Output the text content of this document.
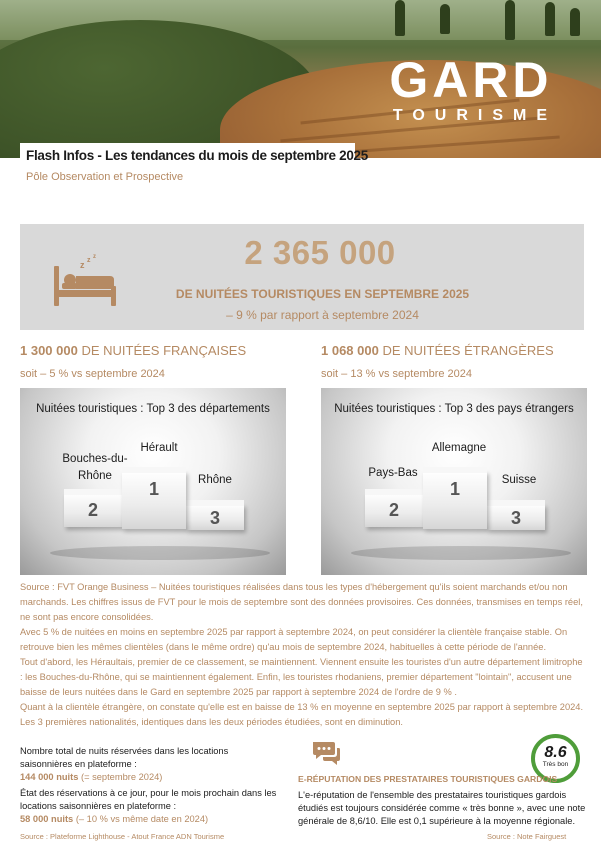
GARD
TOURISME
Flash Infos - Les tendances du mois de septembre 2025
Pôle Observation et Prospective
z z z	2 365 000
DE NUITÉES TOURISTIQUES EN SEPTEMBRE 2025
– 9 % par rapport à septembre 2024
1 300 000 DE NUITÉES FRANÇAISES
soit – 5 % vs septembre 2024
1 068 000 DE NUITÉES ÉTRANGÈRES
soit – 13 % vs septembre 2024
Nuitées touristiques : Top 3 des départements
Hérault
Bouches-du-Rhône	Rhône
2	3
1
Nuitées touristiques : Top 3 des pays étrangers
Allemagne
Pays-Bas
Suisse
2	3
1

Source : FVT Orange Business – Nuitées touristiques réalisées dans tous les types d'hébergement qu'ils soient marchands et/ou non marchands. Les chiffres issus de FVT pour le mois de septembre sont des données provisoires. Ces données, transmises en temps réel, ne sont pas encore consolidées.

Avec 5 % de nuitées en moins en septembre 2025 par rapport à septembre 2024, on peut considérer la clientèle française stable. On retrouve bien les mêmes clientèles (dans le même ordre) qu'au mois de septembre 2024, habituelles à cette période de l'année.

Tout d'abord, les Héraultais, premier de ce classement, se maintiennent. Viennent ensuite les touristes d'un autre département limitrophe : les Bouches-du-Rhône, qui se maintiennent également. Enfin, les touristes rhodaniens, premier département "lointain", accusent une baisse de leurs nuitées dans le Gard en septembre 2025 par rapport à septembre 2024 de l'ordre de 9 % .

Quant à la clientèle étrangère, on constate qu'elle est en baisse de 13 % en moyenne en septembre 2025 par rapport à septembre 2024.

Les 3 premières nationalités, identiques dans les deux périodes étudiées, sont en diminution.

Nombre total de nuits réservées dans les locations saisonnières en plateforme :
144 000 nuits (= septembre 2024)
État des réservations à ce jour, pour le mois prochain dans les locations saisonnières en plateforme :
58 000 nuits (– 10 % vs même date en 2024)
Source : Plateforme Lighthouse - Atout France ADN Tourisme
8.6
Très bon
E-RÉPUTATION DES PRESTATAIRES TOURISTIQUES GARDOIS
L'e-réputation de l'ensemble des prestataires touristiques gardois étudiés est toujours considérée comme « très bonne », avec une note générale de 8,6/10. Elle est 0,1 supérieure à la moyenne régionale.
Source : Note Fairguest
